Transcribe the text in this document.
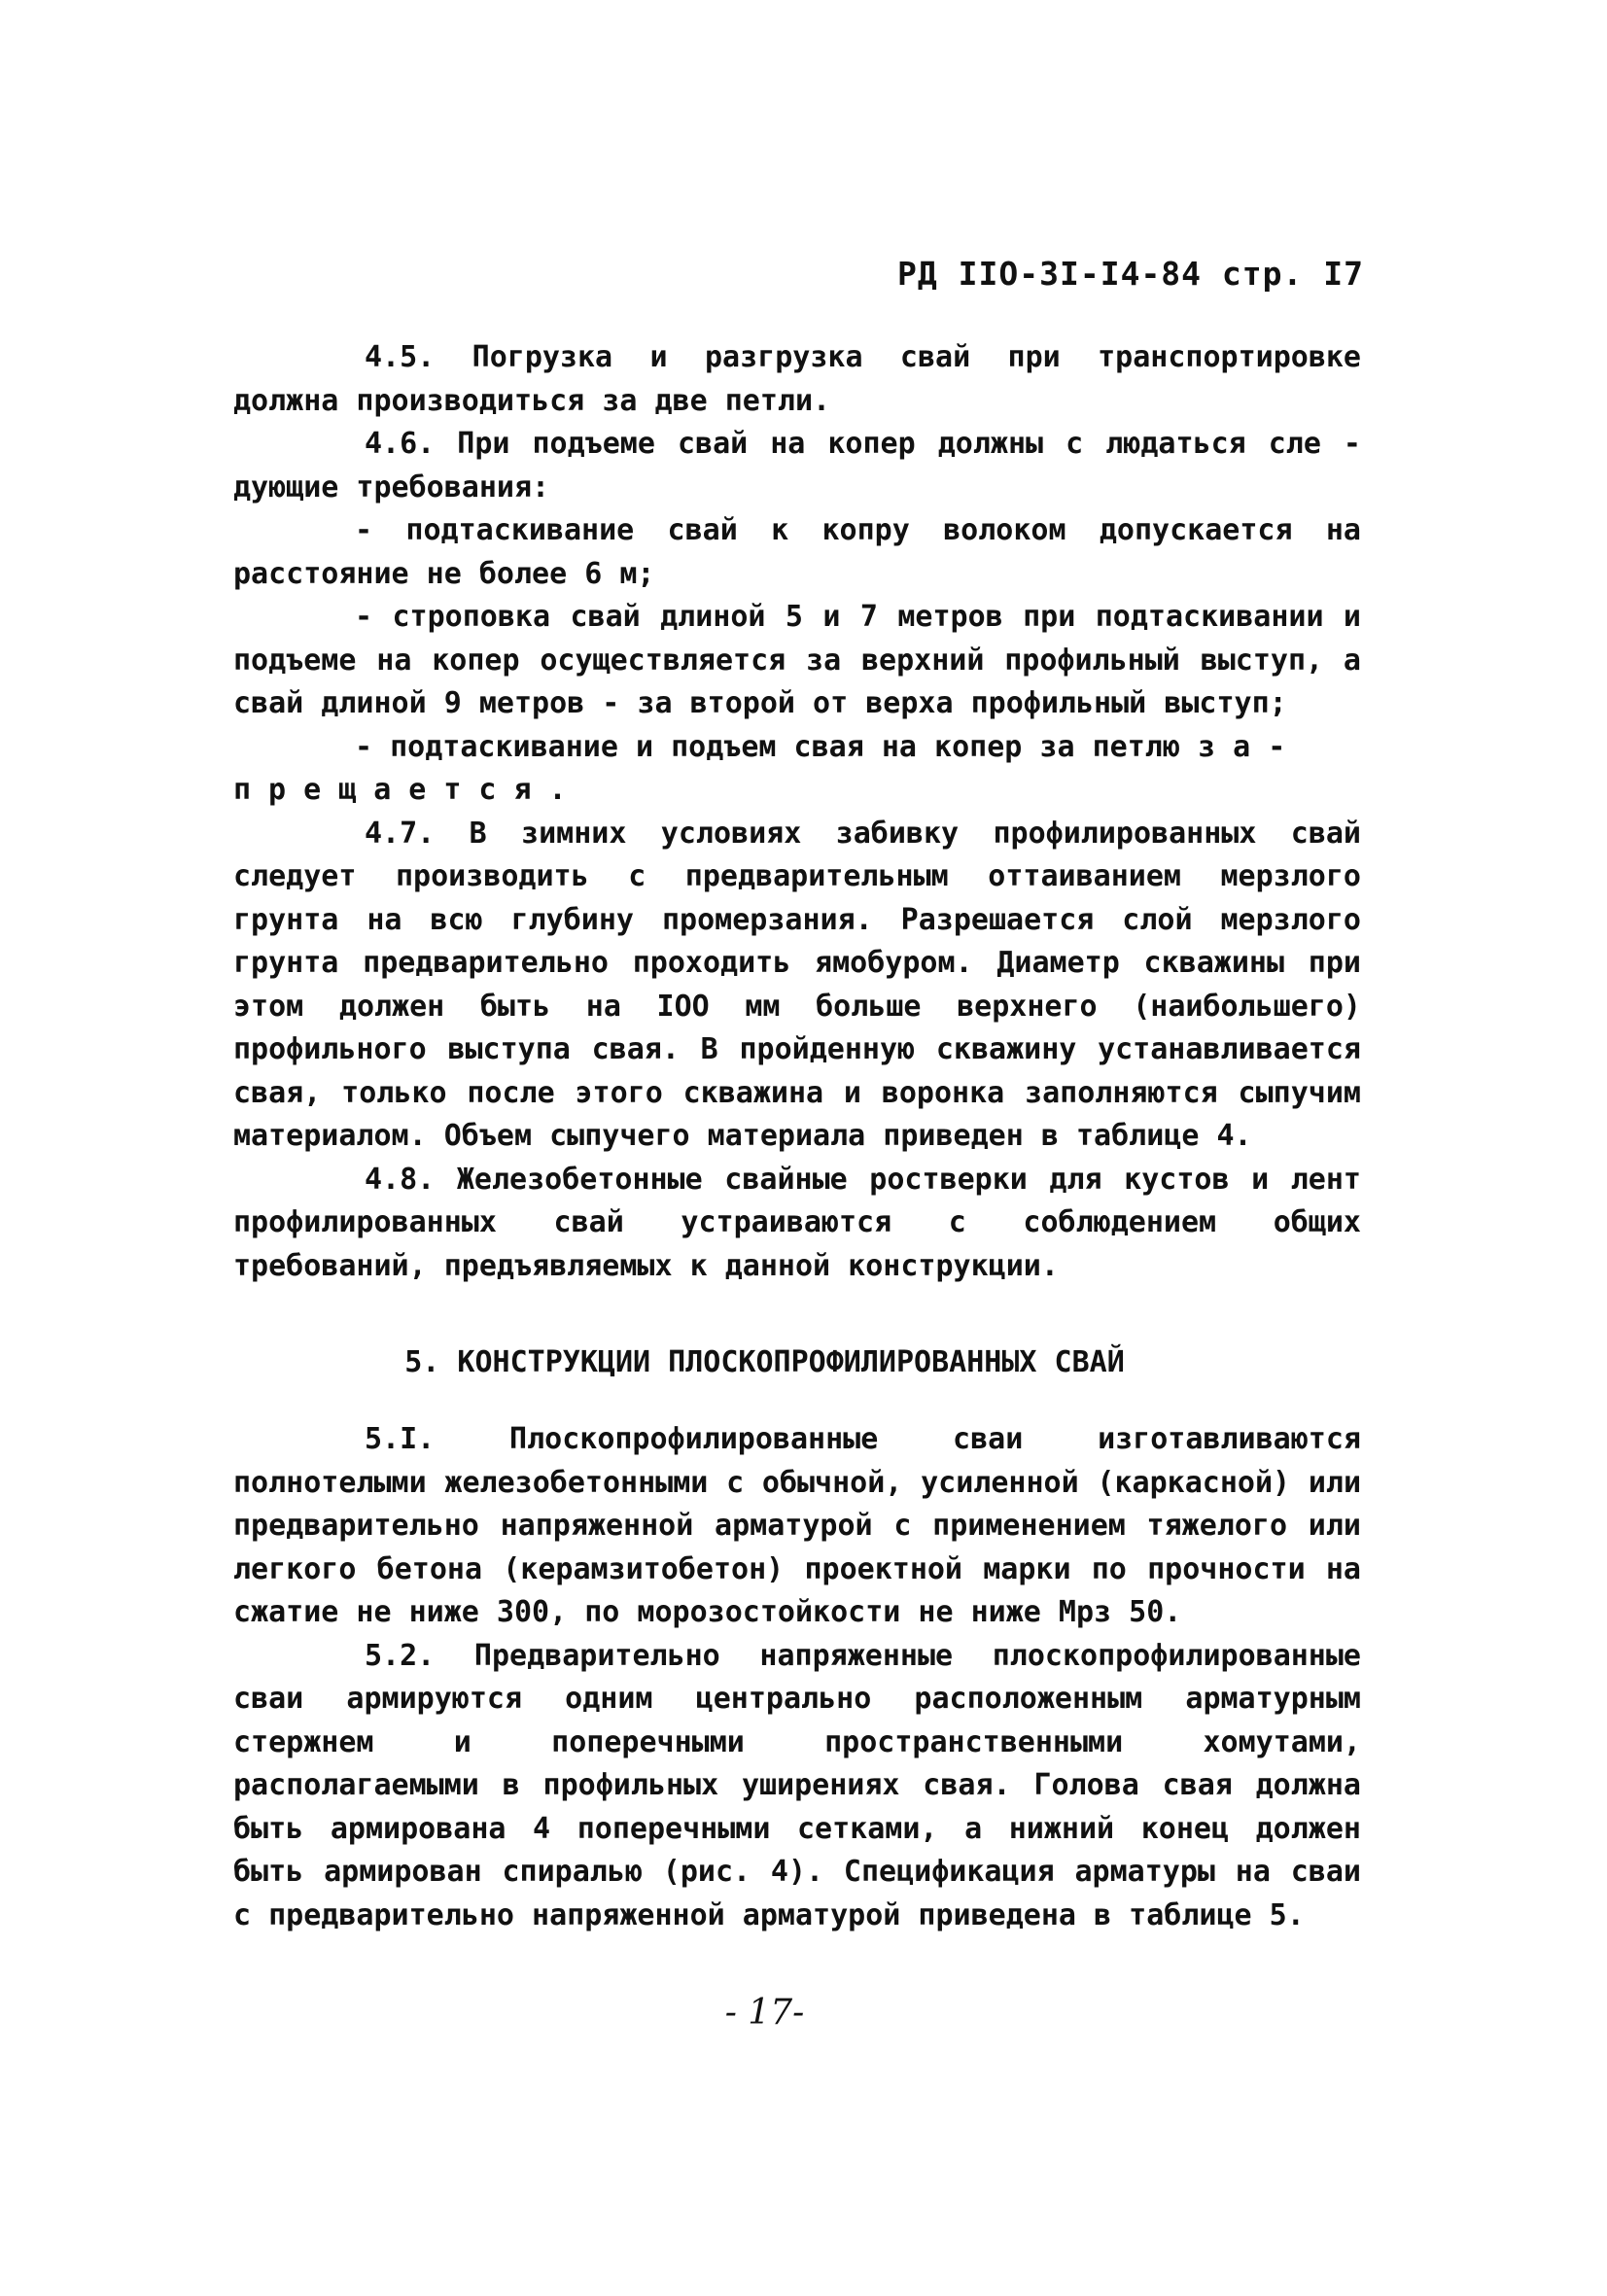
РД IIO-3I-I4-84 стр. I7

4.5. Погрузка и разгрузка свай при транспортировке должна производиться за две петли.

4.6. При подъеме свай на копер должны с людаться сле - дующие требования:

- подтаскивание свай к копру волоком допускается на расстояние не более 6 м;

- строповка свай длиной 5 и 7 метров при подтаскивании и подъеме на копер осуществляется за верхний профильный выступ, а свай длиной 9 метров - за второй от верха профильный выступ;

- подтаскивание и подъем свая на копер за петлю з а -

прещается.

4.7. В зимних условиях забивку профилированных свай следует производить с предварительным оттаиванием мерзлого грунта на всю глубину промерзания. Разрешается слой мерзлого грунта предварительно проходить ямобуром. Диаметр скважины при этом должен быть на IOO мм больше верхнего (наибольшего) профильного выступа свая. В пройденную скважину устанавливается свая, только после этого скважина и воронка заполняются сыпучим материалом. Объем сыпучего материала приведен в таблице 4.

4.8. Железобетонные свайные ростверки для кустов и лент профилированных свай устраиваются с соблюдением общих требований, предъявляемых к данной конструкции.

5. КОНСТРУКЦИИ ПЛОСКОПРОФИЛИРОВАННЫХ СВАЙ

5.I. Плоскопрофилированные сваи изготавливаются полнотелыми железобетонными с обычной, усиленной (каркасной) или предварительно напряженной арматурой с применением тяжелого или легкого бетона (керамзитобетон) проектной марки по прочности на сжатие не ниже 300, по морозостойкости не ниже Мрз 50.

5.2. Предварительно напряженные плоскопрофилированные сваи армируются одним центрально расположенным арматурным стержнем и поперечными пространственными хомутами, располагаемыми в профильных уширениях свая. Голова свая должна быть армирована 4 поперечными сетками, а нижний конец должен быть армирован спиралью (рис. 4). Спецификация арматуры на сваи с предварительно напряженной арматурой приведена в таблице 5.

- 17-
